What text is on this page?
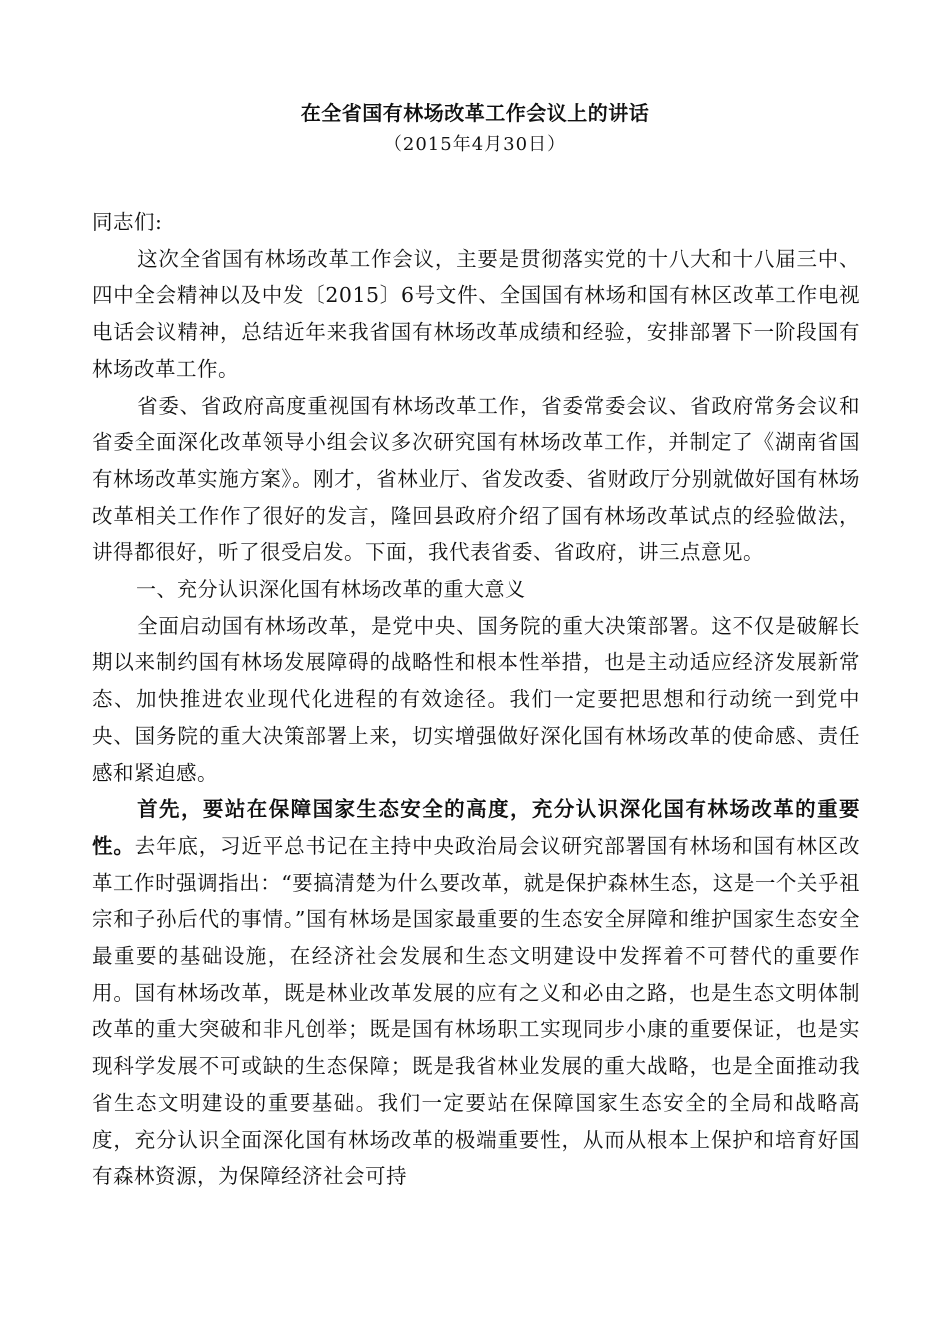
在全省国有林场改革工作会议上的讲话
（2015年4月30日）

同志们:

这次全省国有林场改革工作会议，主要是贯彻落实党的十八大和十八届三中、四中全会精神以及中发〔2015〕6号文件、全国国有林场和国有林区改革工作电视电话会议精神，总结近年来我省国有林场改革成绩和经验，安排部署下一阶段国有林场改革工作。

省委、省政府高度重视国有林场改革工作，省委常委会议、省政府常务会议和省委全面深化改革领导小组会议多次研究国有林场改革工作，并制定了《湖南省国有林场改革实施方案》。刚才，省林业厅、省发改委、省财政厅分别就做好国有林场改革相关工作作了很好的发言，隆回县政府介绍了国有林场改革试点的经验做法，讲得都很好，听了很受启发。下面，我代表省委、省政府，讲三点意见。

一、充分认识深化国有林场改革的重大意义

全面启动国有林场改革，是党中央、国务院的重大决策部署。这不仅是破解长期以来制约国有林场发展障碍的战略性和根本性举措，也是主动适应经济发展新常态、加快推进农业现代化进程的有效途径。我们一定要把思想和行动统一到党中央、国务院的重大决策部署上来，切实增强做好深化国有林场改革的使命感、责任感和紧迫感。

首先，要站在保障国家生态安全的高度，充分认识深化国有林场改革的重要性。去年底，习近平总书记在主持中央政治局会议研究部署国有林场和国有林区改革工作时强调指出：“要搞清楚为什么要改革，就是保护森林生态，这是一个关乎祖宗和子孙后代的事情。”国有林场是国家最重要的生态安全屏障和维护国家生态安全最重要的基础设施，在经济社会发展和生态文明建设中发挥着不可替代的重要作用。国有林场改革，既是林业改革发展的应有之义和必由之路，也是生态文明体制改革的重大突破和非凡创举；既是国有林场职工实现同步小康的重要保证，也是实现科学发展不可或缺的生态保障；既是我省林业发展的重大战略，也是全面推动我省生态文明建设的重要基础。我们一定要站在保障国家生态安全的全局和战略高度，充分认识全面深化国有林场改革的极端重要性，从而从根本上保护和培育好国有森林资源，为保障经济社会可持
